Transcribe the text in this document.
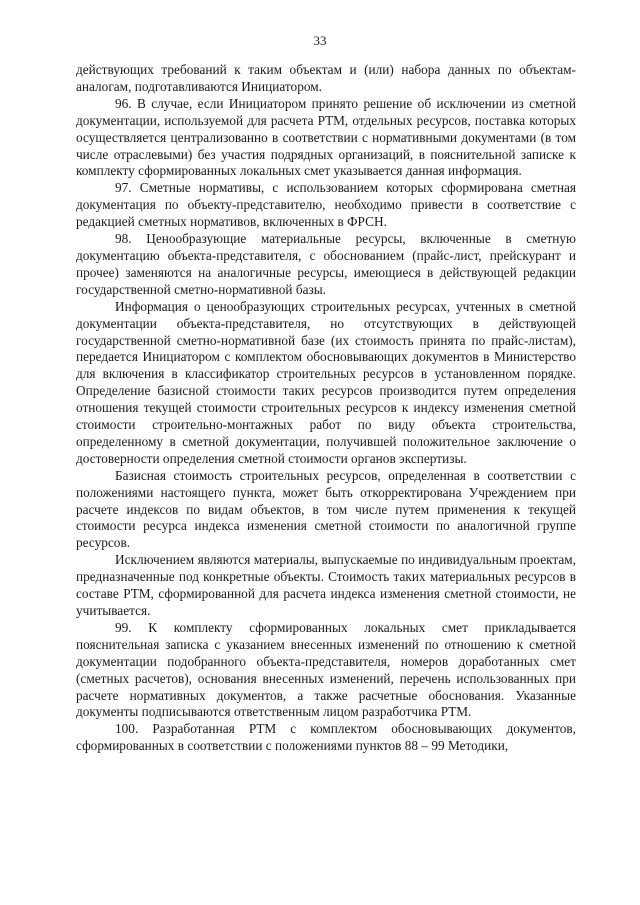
33

действующих требований к таким объектам и (или) набора данных по объектам-аналогам, подготавливаются Инициатором.

96. В случае, если Инициатором принято решение об исключении из сметной документации, используемой для расчета РТМ, отдельных ресурсов, поставка которых осуществляется централизованно в соответствии с нормативными документами (в том числе отраслевыми) без участия подрядных организаций, в пояснительной записке к комплекту сформированных локальных смет указывается данная информация.

97. Сметные нормативы, с использованием которых сформирована сметная документация по объекту-представителю, необходимо привести в соответствие с редакцией сметных нормативов, включенных в ФРСН.

98. Ценообразующие материальные ресурсы, включенные в сметную документацию объекта-представителя, с обоснованием (прайс-лист, прейскурант и прочее) заменяются на аналогичные ресурсы, имеющиеся в действующей редакции государственной сметно-нормативной базы.

Информация о ценообразующих строительных ресурсах, учтенных в сметной документации объекта-представителя, но отсутствующих в действующей государственной сметно-нормативной базе (их стоимость принята по прайс-листам), передается Инициатором с комплектом обосновывающих документов в Министерство для включения в классификатор строительных ресурсов в установленном порядке. Определение базисной стоимости таких ресурсов производится путем определения отношения текущей стоимости строительных ресурсов к индексу изменения сметной стоимости строительно-монтажных работ по виду объекта строительства, определенному в сметной документации, получившей положительное заключение о достоверности определения сметной стоимости органов экспертизы.

Базисная стоимость строительных ресурсов, определенная в соответствии с положениями настоящего пункта, может быть откорректирована Учреждением при расчете индексов по видам объектов, в том числе путем применения к текущей стоимости ресурса индекса изменения сметной стоимости по аналогичной группе ресурсов.

Исключением являются материалы, выпускаемые по индивидуальным проектам, предназначенные под конкретные объекты. Стоимость таких материальных ресурсов в составе РТМ, сформированной для расчета индекса изменения сметной стоимости, не учитывается.

99. К комплекту сформированных локальных смет прикладывается пояснительная записка с указанием внесенных изменений по отношению к сметной документации подобранного объекта-представителя, номеров доработанных смет (сметных расчетов), основания внесенных изменений, перечень использованных при расчете нормативных документов, а также расчетные обоснования. Указанные документы подписываются ответственным лицом разработчика РТМ.

100. Разработанная РТМ с комплектом обосновывающих документов, сформированных в соответствии с положениями пунктов 88 – 99 Методики,
